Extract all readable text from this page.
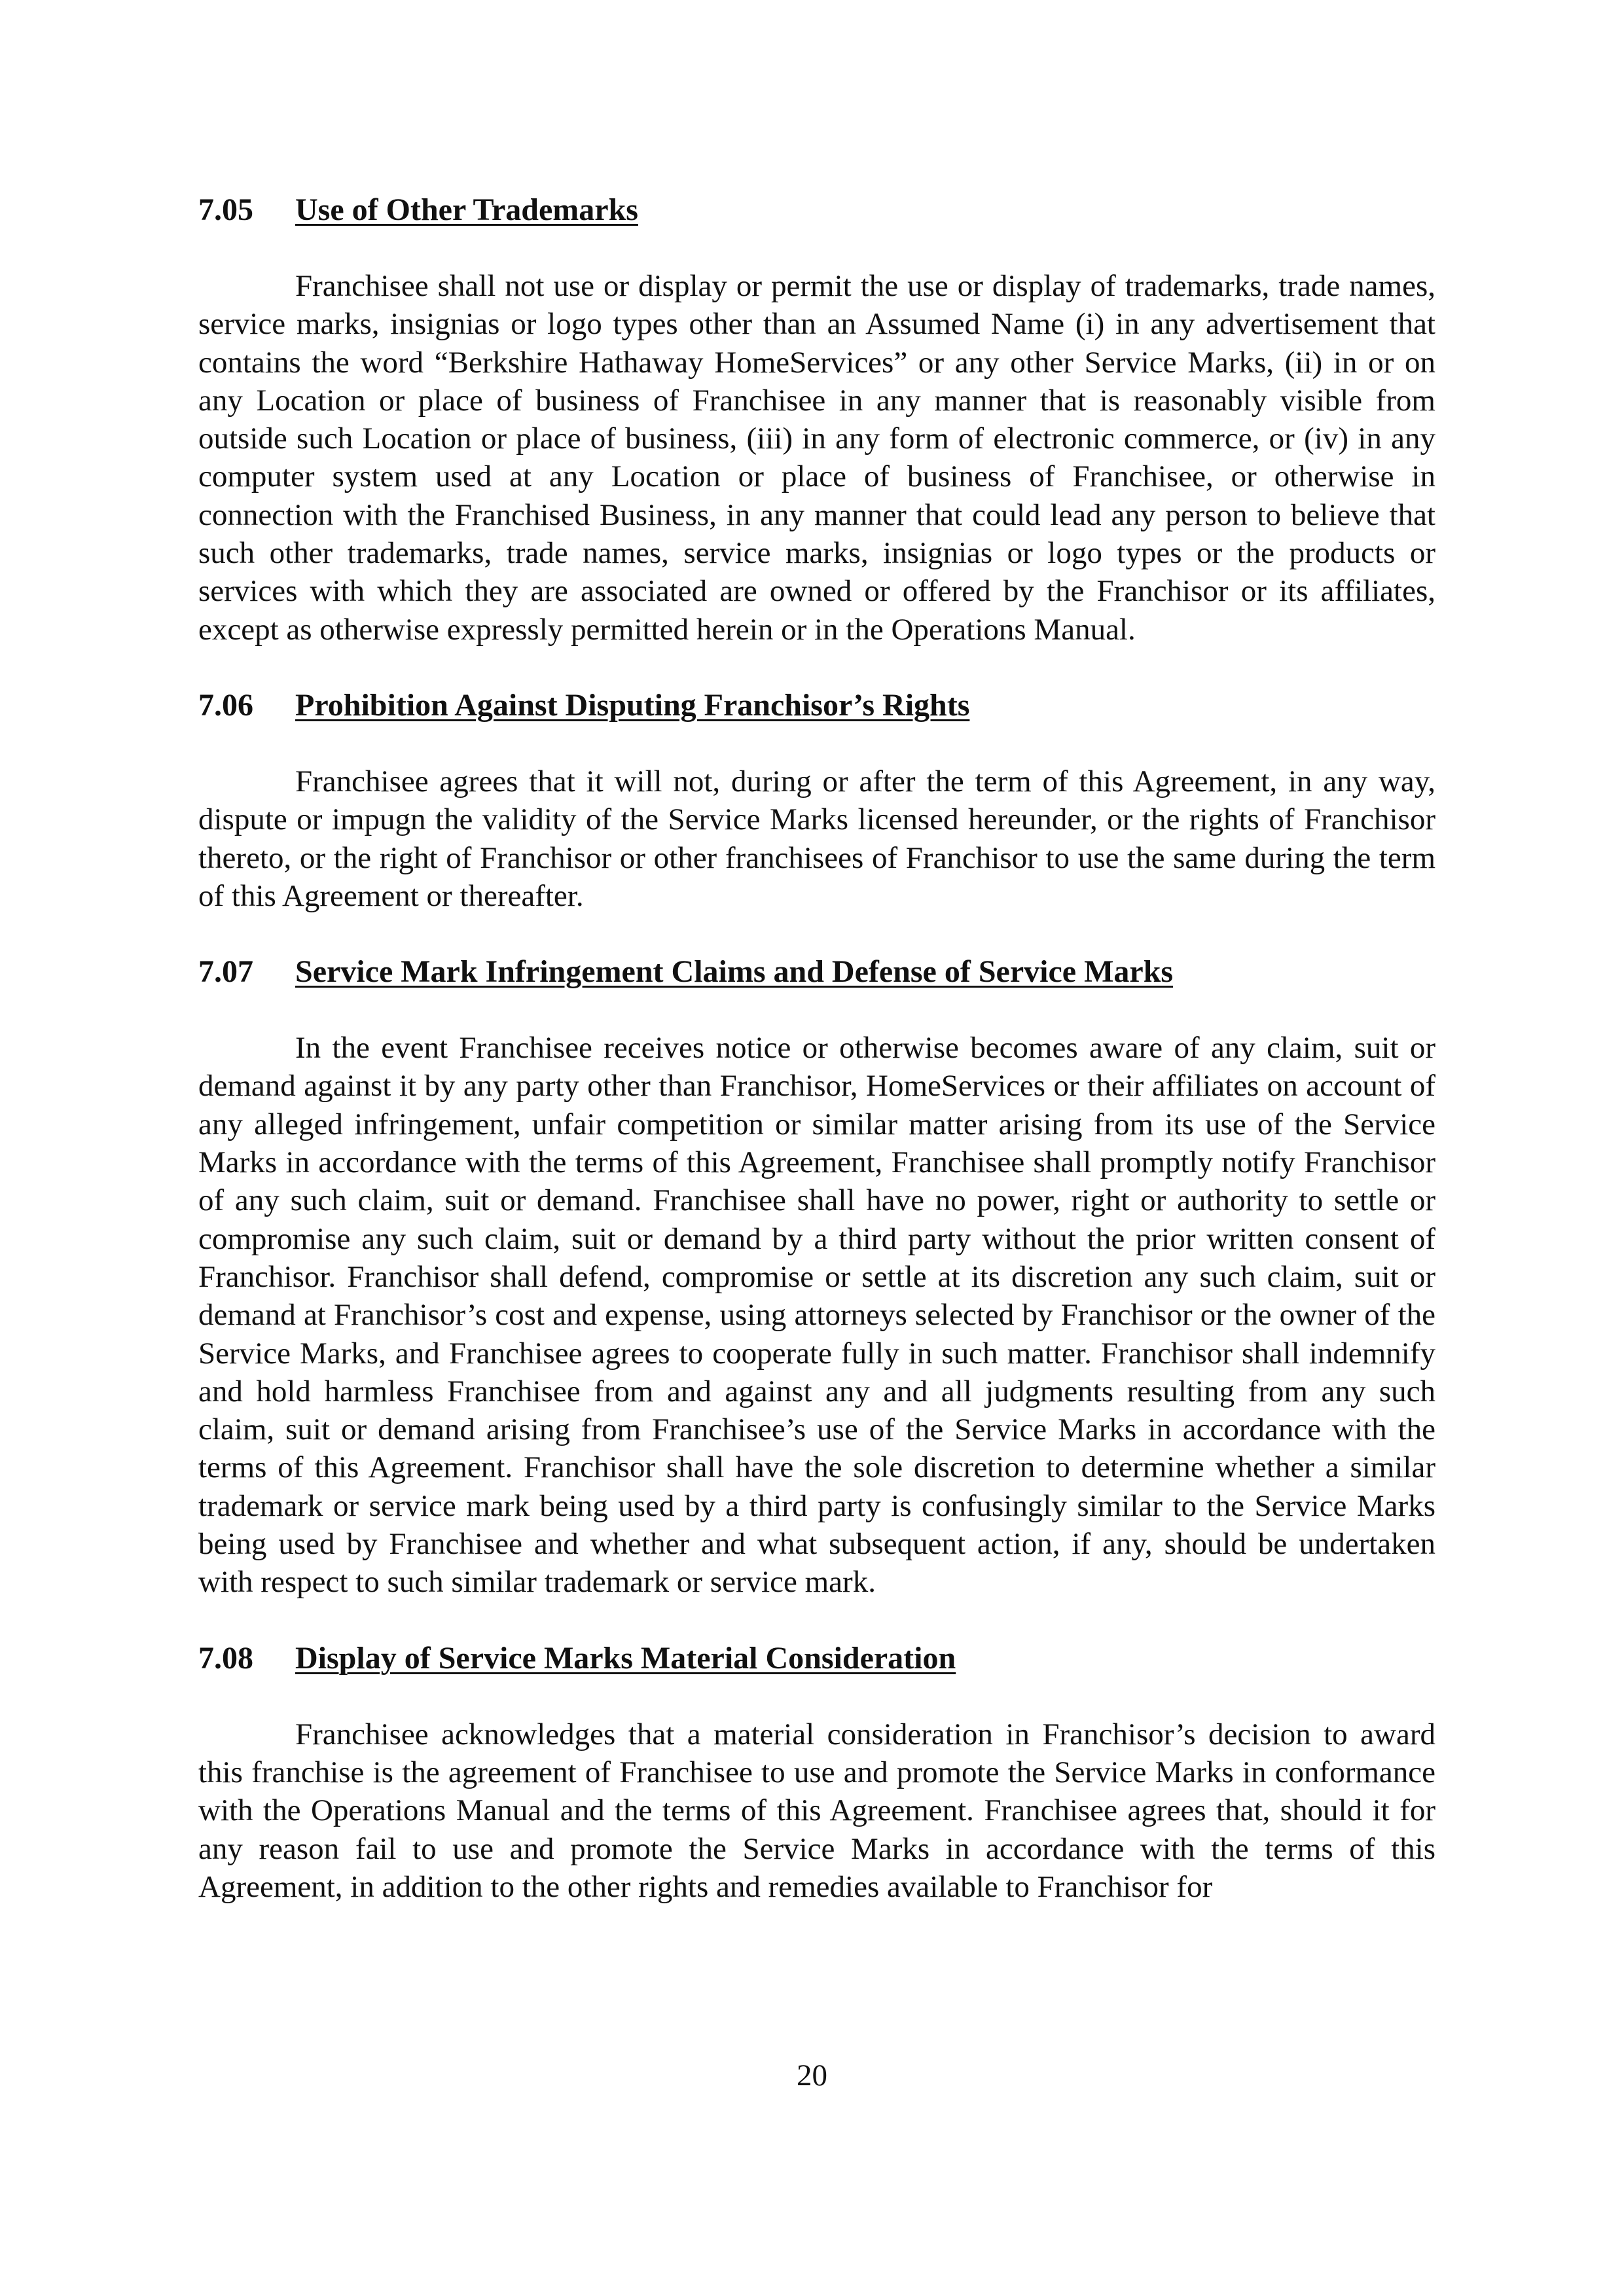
7.05 Use of Other Trademarks

Franchisee shall not use or display or permit the use or display of trademarks, trade names, service marks, insignias or logo types other than an Assumed Name (i) in any advertisement that contains the word “Berkshire Hathaway HomeServices” or any other Service Marks, (ii) in or on any Location or place of business of Franchisee in any manner that is reasonably visible from outside such Location or place of business, (iii) in any form of electronic commerce, or (iv) in any computer system used at any Location or place of business of Franchisee, or otherwise in connection with the Franchised Business, in any manner that could lead any person to believe that such other trademarks, trade names, service marks, insignias or logo types or the products or services with which they are associated are owned or offered by the Franchisor or its affiliates, except as otherwise expressly permitted herein or in the Operations Manual.

7.06 Prohibition Against Disputing Franchisor’s Rights

Franchisee agrees that it will not, during or after the term of this Agreement, in any way, dispute or impugn the validity of the Service Marks licensed hereunder, or the rights of Franchisor thereto, or the right of Franchisor or other franchisees of Franchisor to use the same during the term of this Agreement or thereafter.

7.07 Service Mark Infringement Claims and Defense of Service Marks

In the event Franchisee receives notice or otherwise becomes aware of any claim, suit or demand against it by any party other than Franchisor, HomeServices or their affiliates on account of any alleged infringement, unfair competition or similar matter arising from its use of the Service Marks in accordance with the terms of this Agreement, Franchisee shall promptly notify Franchisor of any such claim, suit or demand. Franchisee shall have no power, right or authority to settle or compromise any such claim, suit or demand by a third party without the prior written consent of Franchisor. Franchisor shall defend, compromise or settle at its discretion any such claim, suit or demand at Franchisor’s cost and expense, using attorneys selected by Franchisor or the owner of the Service Marks, and Franchisee agrees to cooperate fully in such matter. Franchisor shall indemnify and hold harmless Franchisee from and against any and all judgments resulting from any such claim, suit or demand arising from Franchisee’s use of the Service Marks in accordance with the terms of this Agreement. Franchisor shall have the sole discretion to determine whether a similar trademark or service mark being used by a third party is confusingly similar to the Service Marks being used by Franchisee and whether and what subsequent action, if any, should be undertaken with respect to such similar trademark or service mark.

7.08 Display of Service Marks Material Consideration

Franchisee acknowledges that a material consideration in Franchisor’s decision to award this franchise is the agreement of Franchisee to use and promote the Service Marks in conformance with the Operations Manual and the terms of this Agreement. Franchisee agrees that, should it for any reason fail to use and promote the Service Marks in accordance with the terms of this Agreement, in addition to the other rights and remedies available to Franchisor for

20
